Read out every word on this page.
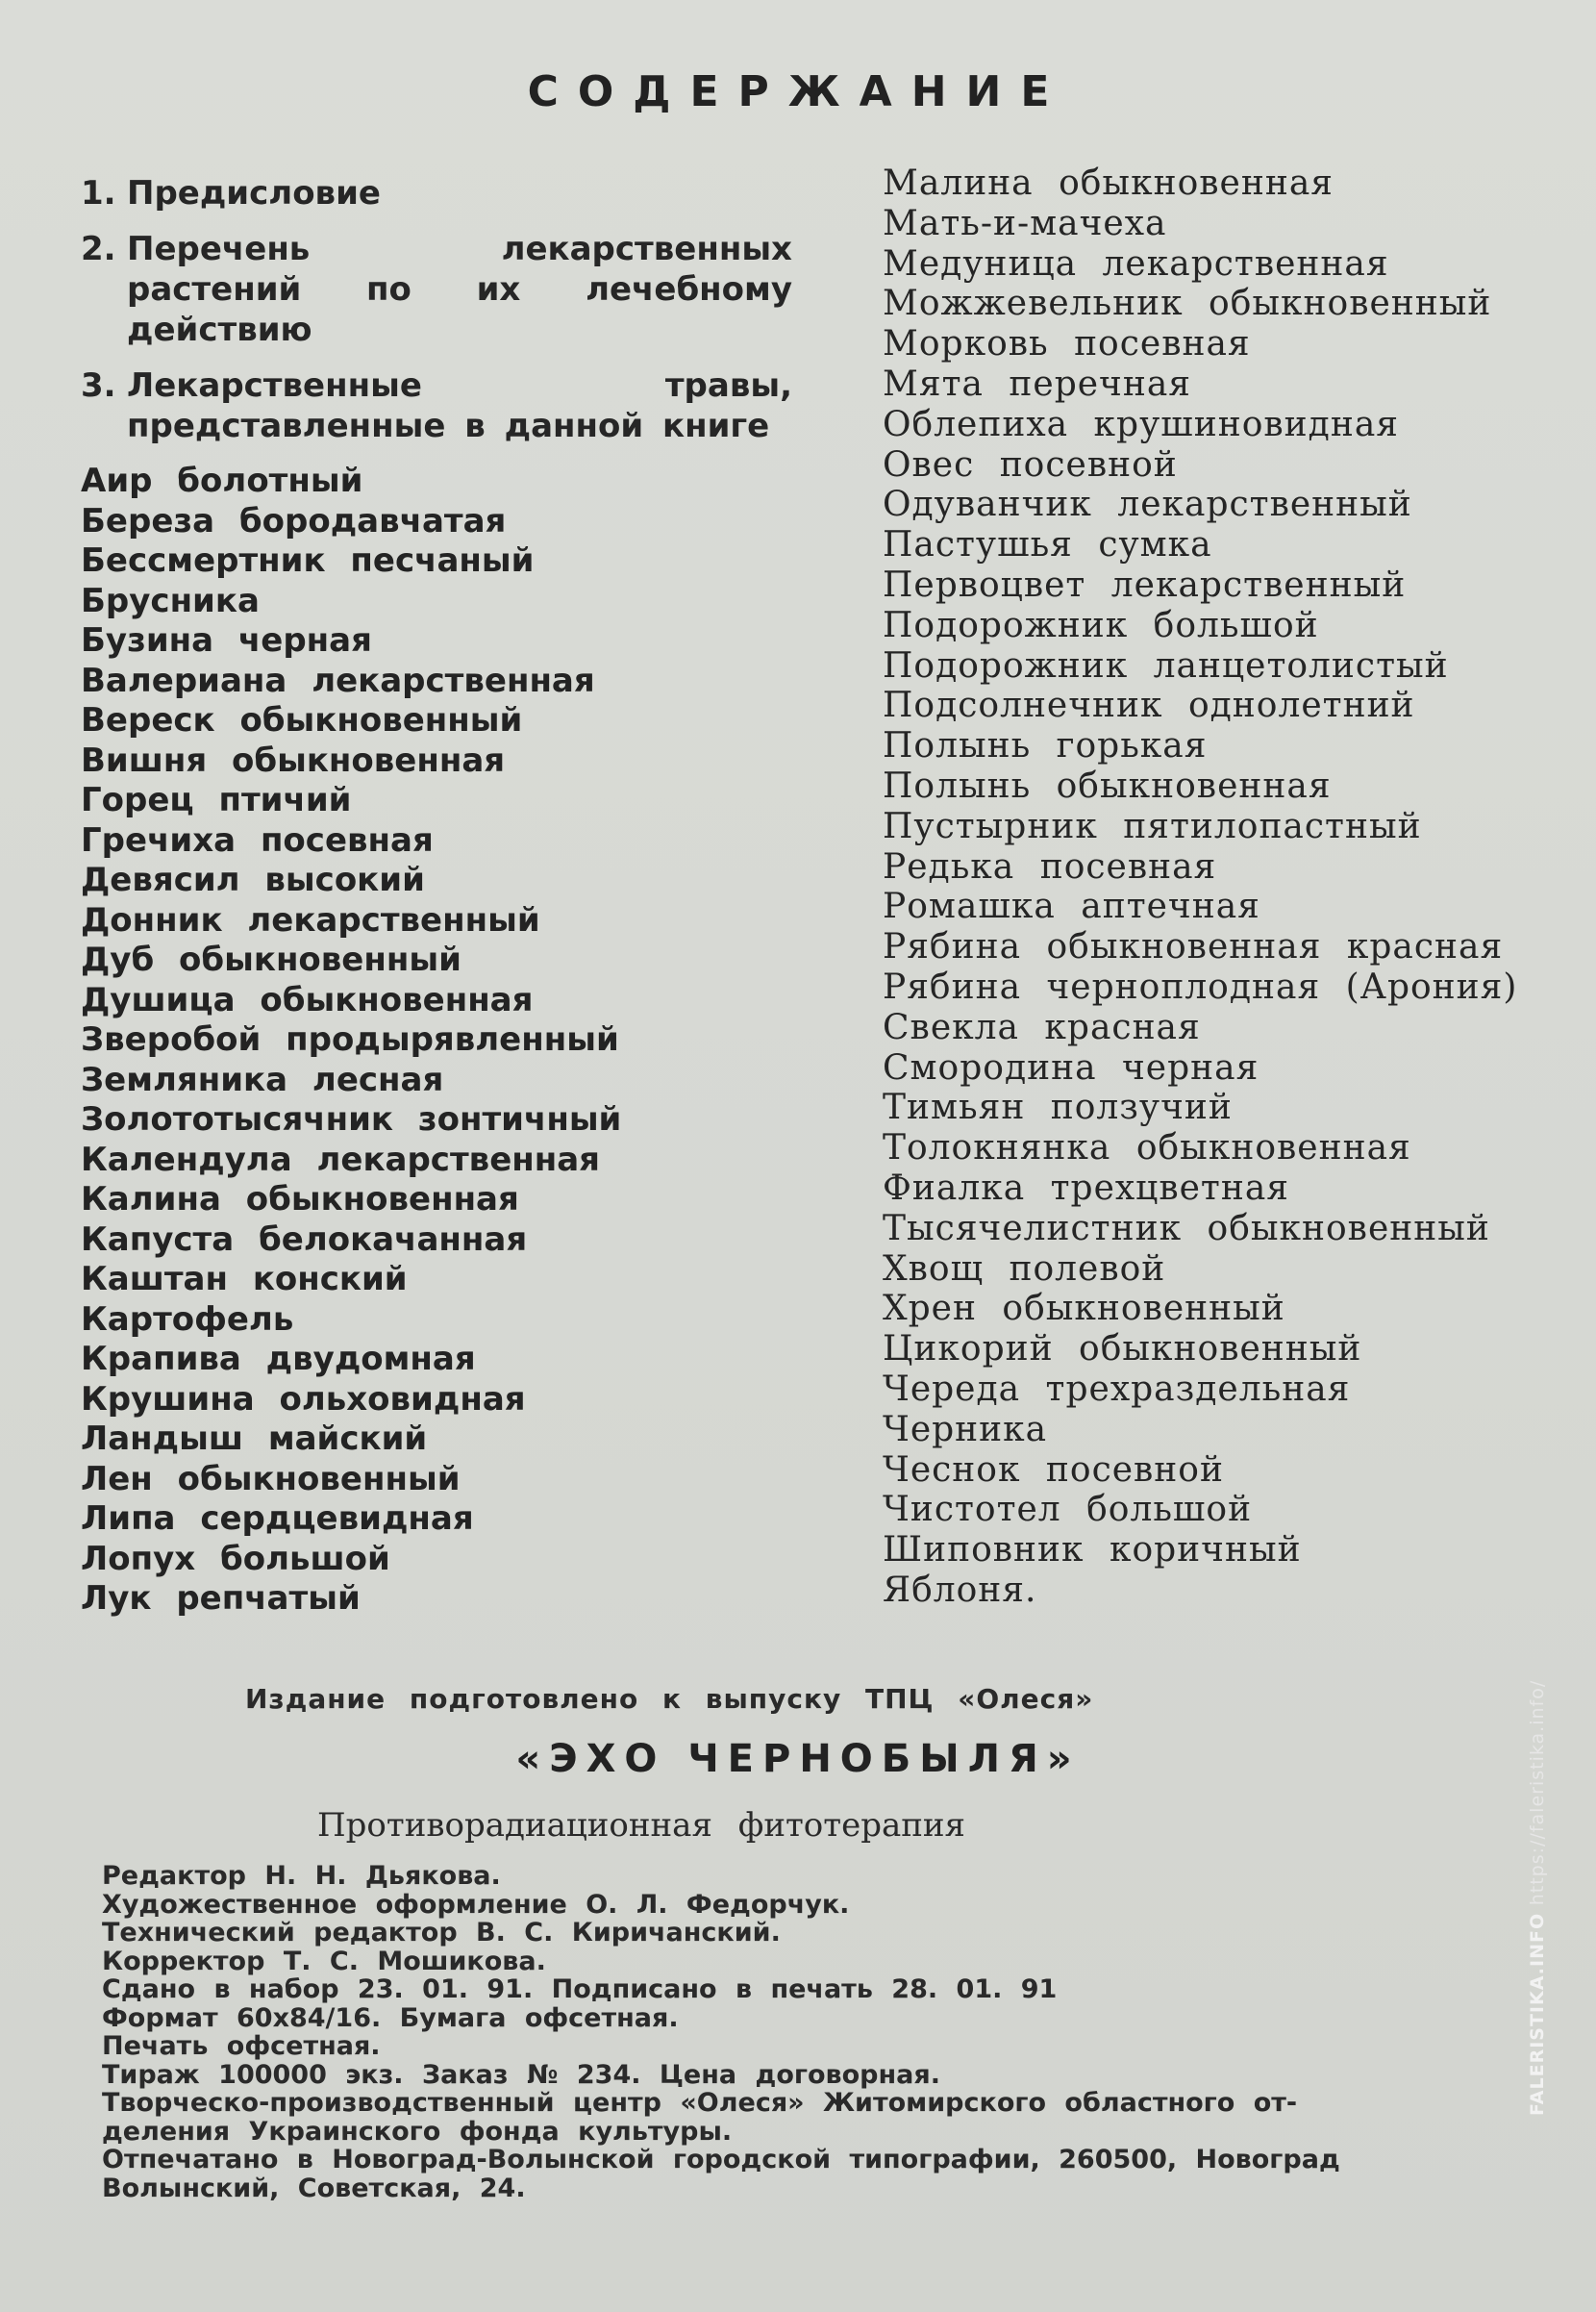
СОДЕРЖАНИЕ
1. Предисловие
2. Перечень лекарственных растений по их лечебному действию
3. Лекарственные травы, представленные в данной книге
Аир болотный
Береза бородавчатая
Бессмертник песчаный
Брусника
Бузина черная
Валериана лекарственная
Вереск обыкновенный
Вишня обыкновенная
Горец птичий
Гречиха посевная
Девясил высокий
Донник лекарственный
Дуб обыкновенный
Душица обыкновенная
Зверобой продырявленный
Земляника лесная
Золототысячник зонтичный
Календула лекарственная
Калина обыкновенная
Капуста белокачанная
Каштан конский
Картофель
Крапива двудомная
Крушина ольховидная
Ландыш майский
Лен обыкновенный
Липа сердцевидная
Лопух большой
Лук репчатый
Малина обыкновенная
Мать-и-мачеха
Медуница лекарственная
Можжевельник обыкновенный
Морковь посевная
Мята перечная
Облепиха крушиновидная
Овес посевной
Одуванчик лекарственный
Пастушья сумка
Первоцвет лекарственный
Подорожник большой
Подорожник ланцетолистый
Подсолнечник однолетний
Полынь горькая
Полынь обыкновенная
Пустырник пятилопастный
Редька посевная
Ромашка аптечная
Рябина обыкновенная красная
Рябина черноплодная (Арония)
Свекла красная
Смородина черная
Тимьян ползучий
Толокнянка обыкновенная
Фиалка трехцветная
Тысячелистник обыкновенный
Хвощ полевой
Хрен обыкновенный
Цикорий обыкновенный
Череда трехраздельная
Черника
Чеснок посевной
Чистотел большой
Шиповник коричный
Яблоня.
Издание подготовлено к выпуску ТПЦ «Олеся»
«ЭХО ЧЕРНОБЫЛЯ»
Противорадиационная фитотерапия
Редактор Н. Н. Дьякова.
Художественное оформление О. Л. Федорчук.
Технический редактор В. С. Киричанский.
Корректор Т. С. Мошикова.
Сдано в набор 23. 01. 91. Подписано в печать 28. 01. 91
Формат 60х84/16. Бумага офсетная.
Печать офсетная.
Тираж 100000 экз. Заказ № 234. Цена договорная.
Творческо-производственный центр «Олеся» Житомирского областного от-
деления Украинского фонда культуры.
Отпечатано в Новоград-Волынской городской типографии, 260500, Новоград
Волынский, Советская, 24.
FALERISTIKA.INFO https://faleristika.info/
